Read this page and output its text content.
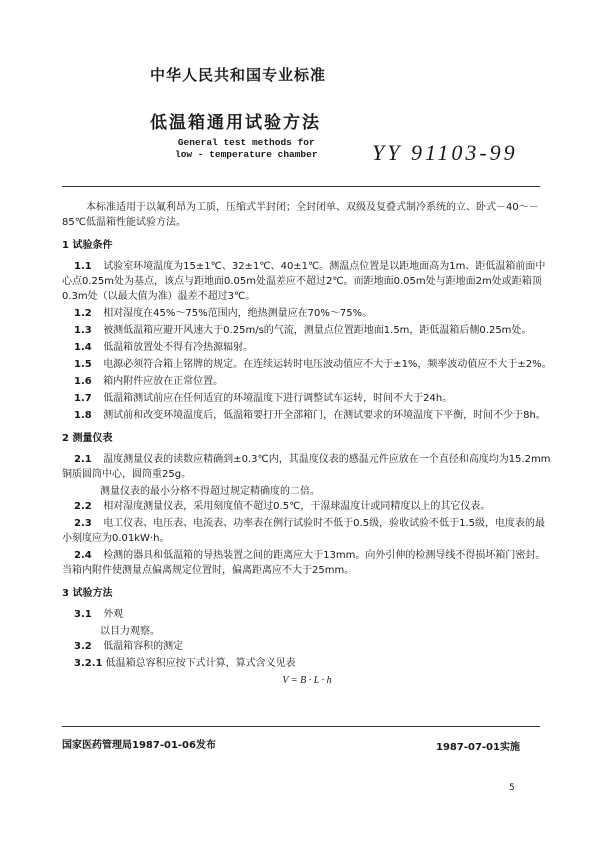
中华人民共和国专业标准
低温箱通用试验方法
General test methods for
low - temperature chamber YY 91103-99

本标准适用于以氟利昂为工质，压缩式半封闭；全封闭单、双级及复叠式制冷系统的立、卧式－40～－85℃低温箱性能试验方法。

1 试验条件

1.1 试验室环境温度为15±1℃、32±1℃、40±1℃。测温点位置是以距地面高为1m、距低温箱前面中心点0.25m处为基点，该点与距地面0.05m处温差应不超过2℃。而距地面0.05m处与距地面2m处或距箱顶0.3m处（以最大值为准）温差不超过3℃。

1.2 相对湿度在45%～75%范围内，绝热测量应在70%～75%。

1.3 被测低温箱应避开风速大于0.25m/s的气流，测量点位置距地面1.5m，距低温箱后侧0.25m处。

1.4 低温箱放置处不得有冷热源辐射。

1.5 电源必须符合箱上铭牌的规定。在连续运转时电压波动值应不大于±1%，频率波动值应不大于±2%。

1.6 箱内附件应放在正常位置。

1.7 低温箱测试前应在任何适宜的环境温度下进行调整试车运转，时间不大于24h。

1.8 测试前和改变环境温度后，低温箱要打开全部箱门，在测试要求的环境温度下平衡，时间不少于8h。

2 测量仪表

2.1 温度测量仪表的读数应精确到±0.3℃内，其温度仪表的感温元件应放在一个直径和高度均为15.2mm铜质圆筒中心，圆筒重25g。

测量仪表的最小分格不得超过规定精确度的二倍。

2.2 相对湿度测量仪表，采用刻度值不超过0.5℃，干湿球温度计或同精度以上的其它仪表。

2.3 电工仪表、电压表、电流表、功率表在例行试验时不低于0.5级，验收试验不低于1.5级，电度表的最小刻度应为0.01kW·h。

2.4 检测的器具和低温箱的导热装置之间的距离应大于13mm。向外引伸的检测导线不得损坏箱门密封。当箱内附件使测量点偏离规定位置时，偏离距离应不大于25mm。

3 试验方法

3.1 外观

以目力观察。

3.2 低温箱容积的测定

3.2.1 低温箱总容积应按下式计算，算式含义见表

V = B · L · h

国家医药管理局1987-01-06发布	1987-07-01实施
5
